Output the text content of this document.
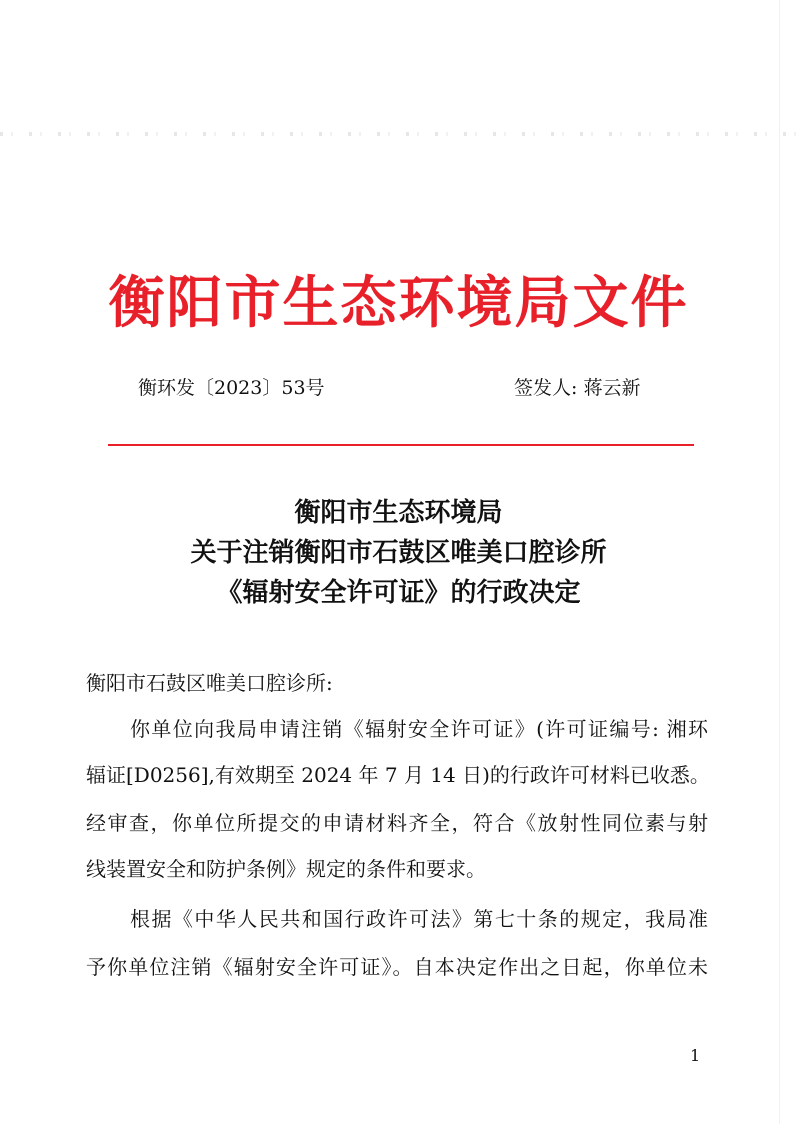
衡阳市生态环境局文件
衡环发〔2023〕53号	签发人: 蒋云新
衡阳市生态环境局
关于注销衡阳市石鼓区唯美口腔诊所
《辐射安全许可证》的行政决定
衡阳市石鼓区唯美口腔诊所:
你单位向我局申请注销《辐射安全许可证》(许可证编号: 湘环
辐证[D0256],有效期至 2024 年 7 月 14 日)的行政许可材料已收悉。
经审查，你单位所提交的申请材料齐全，符合《放射性同位素与射
线装置安全和防护条例》规定的条件和要求。
根据《中华人民共和国行政许可法》第七十条的规定，我局准
予你单位注销《辐射安全许可证》。自本决定作出之日起，你单位未
1
